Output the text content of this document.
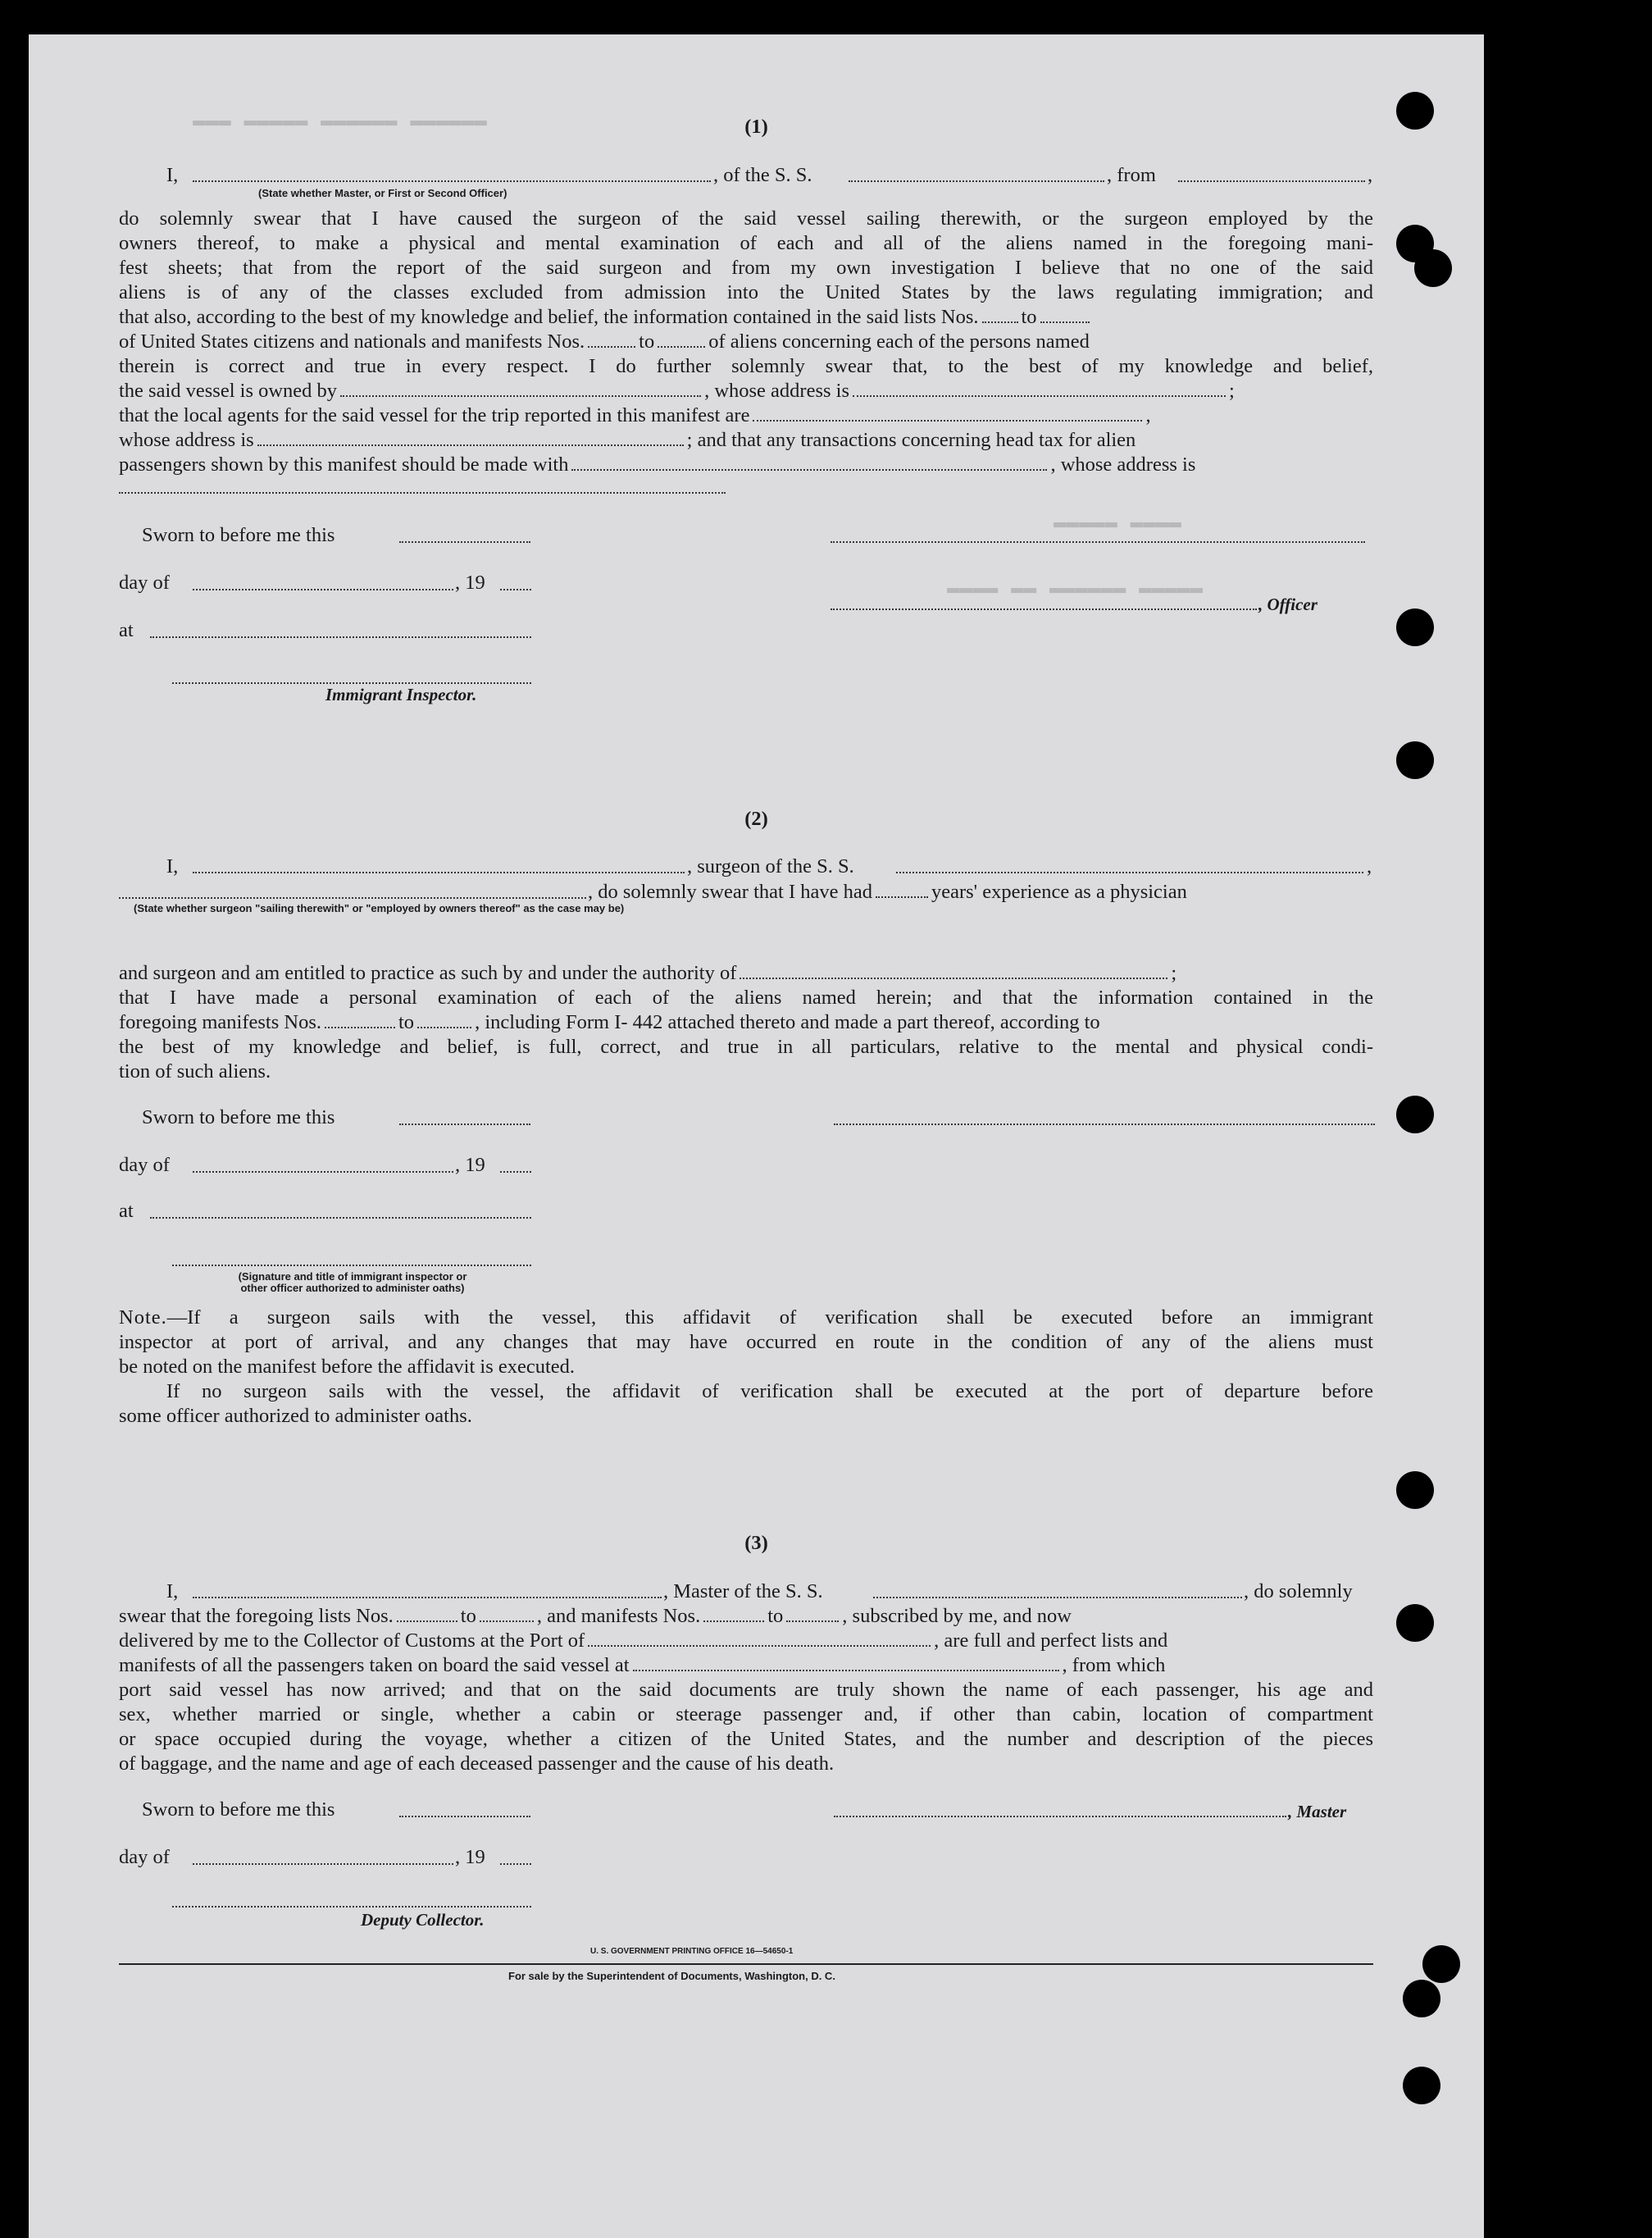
▬▬▬ ▬▬▬▬▬ ▬▬▬▬▬▬ ▬▬▬▬▬▬
▬▬▬▬▬ ▬▬▬▬
▬▬▬▬ ▬▬ ▬▬▬▬▬▬ ▬▬▬▬▬
(1)
I,	, of the S. S.	, from	,
(State whether Master, or First or Second Officer)
do solemnly swear that I have caused the surgeon of the said vessel sailing therewith, or the surgeon employed by the
owners thereof, to make a physical and mental examination of each and all of the aliens named in the foregoing mani-
fest sheets; that from the report of the said surgeon and from my own investigation I believe that no one of the said
aliens is of any of the classes excluded from admission into the United States by the laws regulating immigration; and
that also, according to the best of my knowledge and belief, the information contained in the said lists Nos. to
of United States citizens and nationals and manifests Nos.	to	of aliens concerning each of the persons named
therein is correct and true in every respect. I do further solemnly swear that, to the best of my knowledge and belief,
the said vessel is owned by	, whose address is	;
that the local agents for the said vessel for the trip reported in this manifest are	,
whose address is	; and that any transactions concerning head tax for alien
passengers shown by this manifest should be made with	, whose address is
Sworn to before me this
day of	, 19
, Officer
at
Immigrant Inspector.
(2)
I,	, surgeon of the S. S.	,
, do solemnly swear that I have had	years' experience as a physician
(State whether surgeon "sailing therewith" or "employed by owners thereof" as the case may be)
and surgeon and am entitled to practice as such by and under the authority of	;
that I have made a personal examination of each of the aliens named herein; and that the information contained in the
foregoing manifests Nos.	to	, including Form I- 442 attached thereto and made a part thereof, according to
the best of my knowledge and belief, is full, correct, and true in all particulars, relative to the mental and physical condi-
tion of such aliens.
Sworn to before me this
day of	, 19
at
(Signature and title of immigrant inspector or
other officer authorized to administer oaths)
Note.—If a surgeon sails with the vessel, this affidavit of verification shall be executed before an immigrant
inspector at port of arrival, and any changes that may have occurred en route in the condition of any of the aliens must
be noted on the manifest before the affidavit is executed.
If no surgeon sails with the vessel, the affidavit of verification shall be executed at the port of departure before
some officer authorized to administer oaths.
(3)
I,	, Master of the S. S.	, do solemnly
swear that the foregoing lists Nos.	to	, and manifests Nos.	to	, subscribed by me, and now
delivered by me to the Collector of Customs at the Port of	, are full and perfect lists and
manifests of all the passengers taken on board the said vessel at	, from which
port said vessel has now arrived; and that on the said documents are truly shown the name of each passenger, his age and
sex, whether married or single, whether a cabin or steerage passenger and, if other than cabin, location of compartment
or space occupied during the voyage, whether a citizen of the United States, and the number and description of the pieces
of baggage, and the name and age of each deceased passenger and the cause of his death.
Sworn to before me this	, Master
day of	, 19
Deputy Collector.
U. S. GOVERNMENT PRINTING OFFICE 16—54650-1
For sale by the Superintendent of Documents, Washington, D. C.
